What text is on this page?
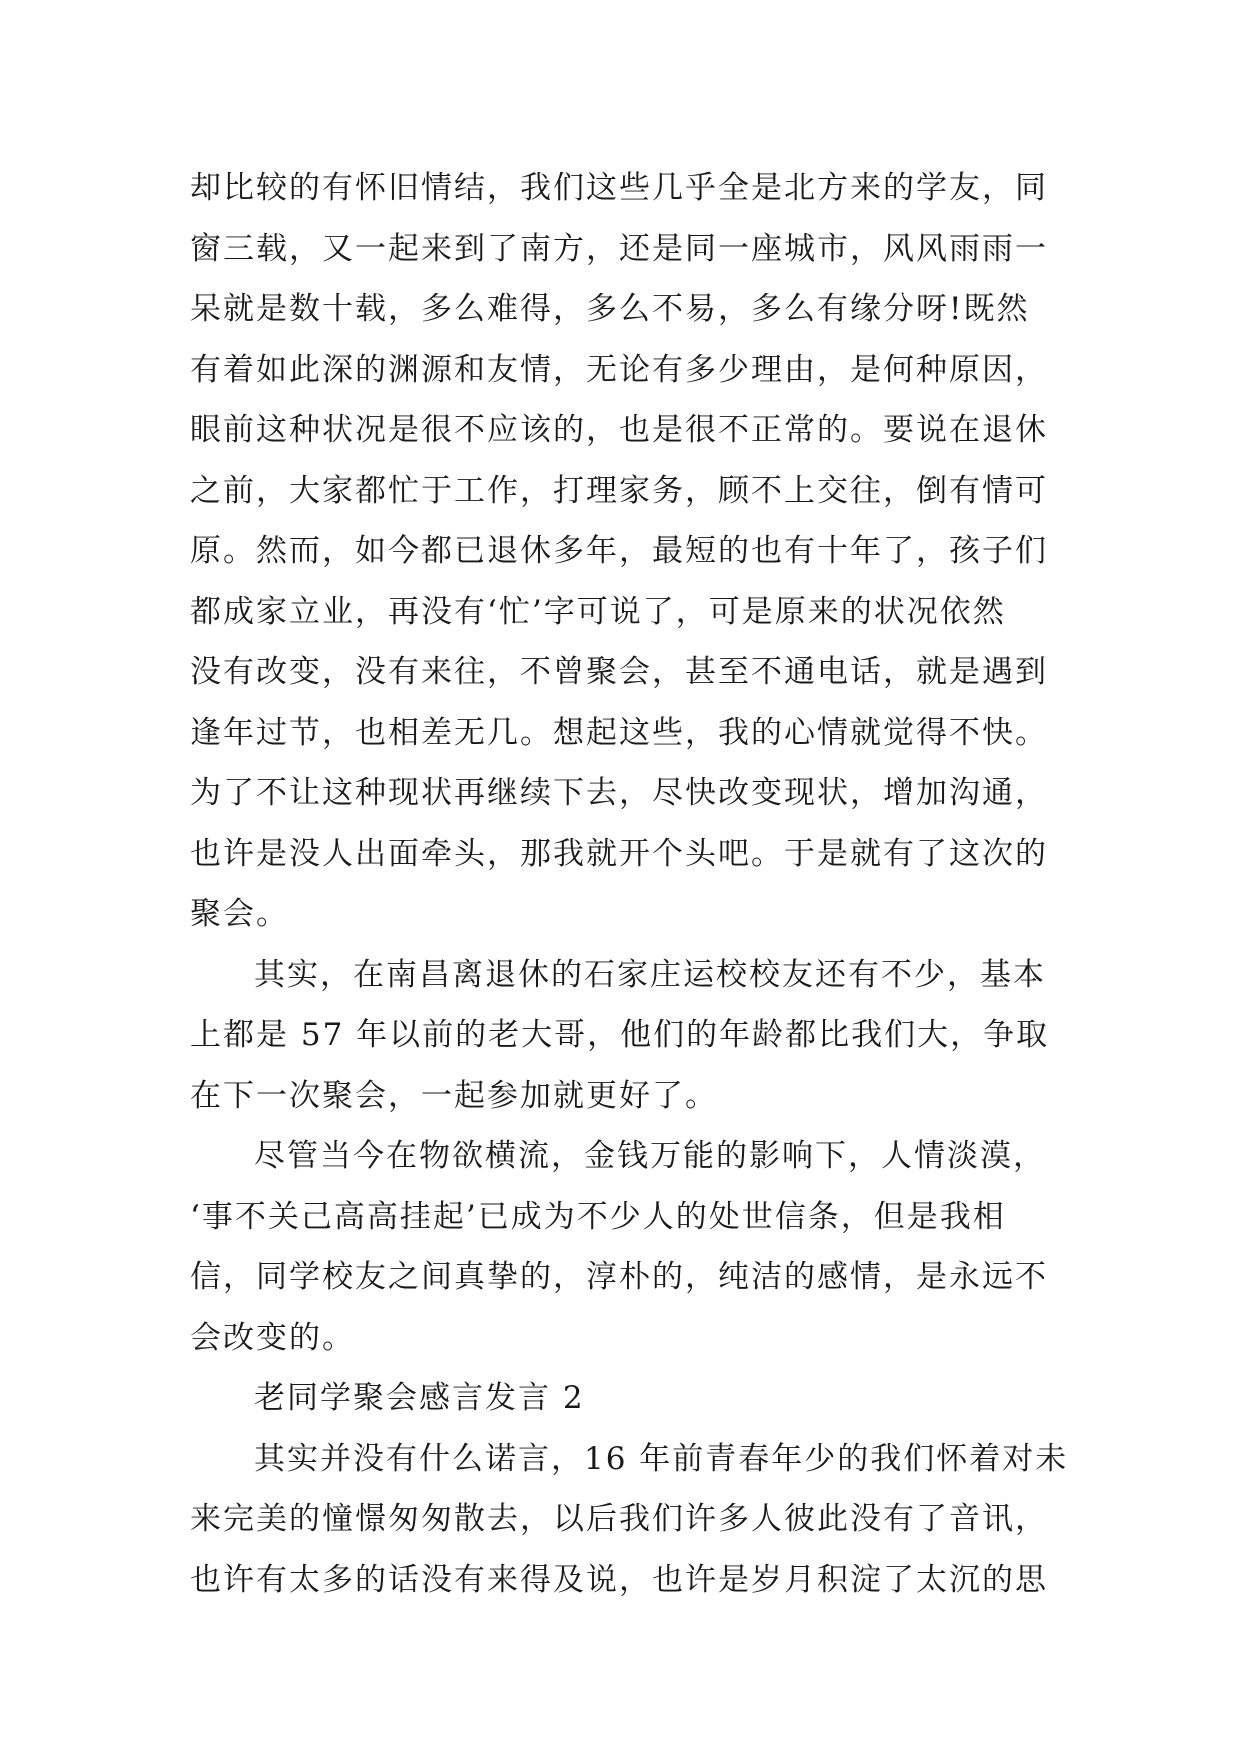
却比较的有怀旧情结，我们这些几乎全是北方来的学友，同
窗三载，又一起来到了南方，还是同一座城市，风风雨雨一
呆就是数十载，多么难得，多么不易，多么有缘分呀!既然
有着如此深的渊源和友情，无论有多少理由，是何种原因，
眼前这种状况是很不应该的，也是很不正常的。要说在退休
之前，大家都忙于工作，打理家务，顾不上交往，倒有情可
原。然而，如今都已退休多年，最短的也有十年了，孩子们
都成家立业，再没有‘忙’字可说了，可是原来的状况依然
没有改变，没有来往，不曾聚会，甚至不通电话，就是遇到
逢年过节，也相差无几。想起这些，我的心情就觉得不快。
为了不让这种现状再继续下去，尽快改变现状，增加沟通，
也许是没人出面牵头，那我就开个头吧。于是就有了这次的
聚会。
其实，在南昌离退休的石家庄运校校友还有不少，基本
上都是 57 年以前的老大哥，他们的年龄都比我们大，争取
在下一次聚会，一起参加就更好了。
尽管当今在物欲横流，金钱万能的影响下，人情淡漠，
‘事不关己高高挂起’已成为不少人的处世信条，但是我相
信，同学校友之间真挚的，淳朴的，纯洁的感情，是永远不
会改变的。
老同学聚会感言发言 2
其实并没有什么诺言，16 年前青春年少的我们怀着对未
来完美的憧憬匆匆散去，以后我们许多人彼此没有了音讯，
也许有太多的话没有来得及说，也许是岁月积淀了太沉的思
